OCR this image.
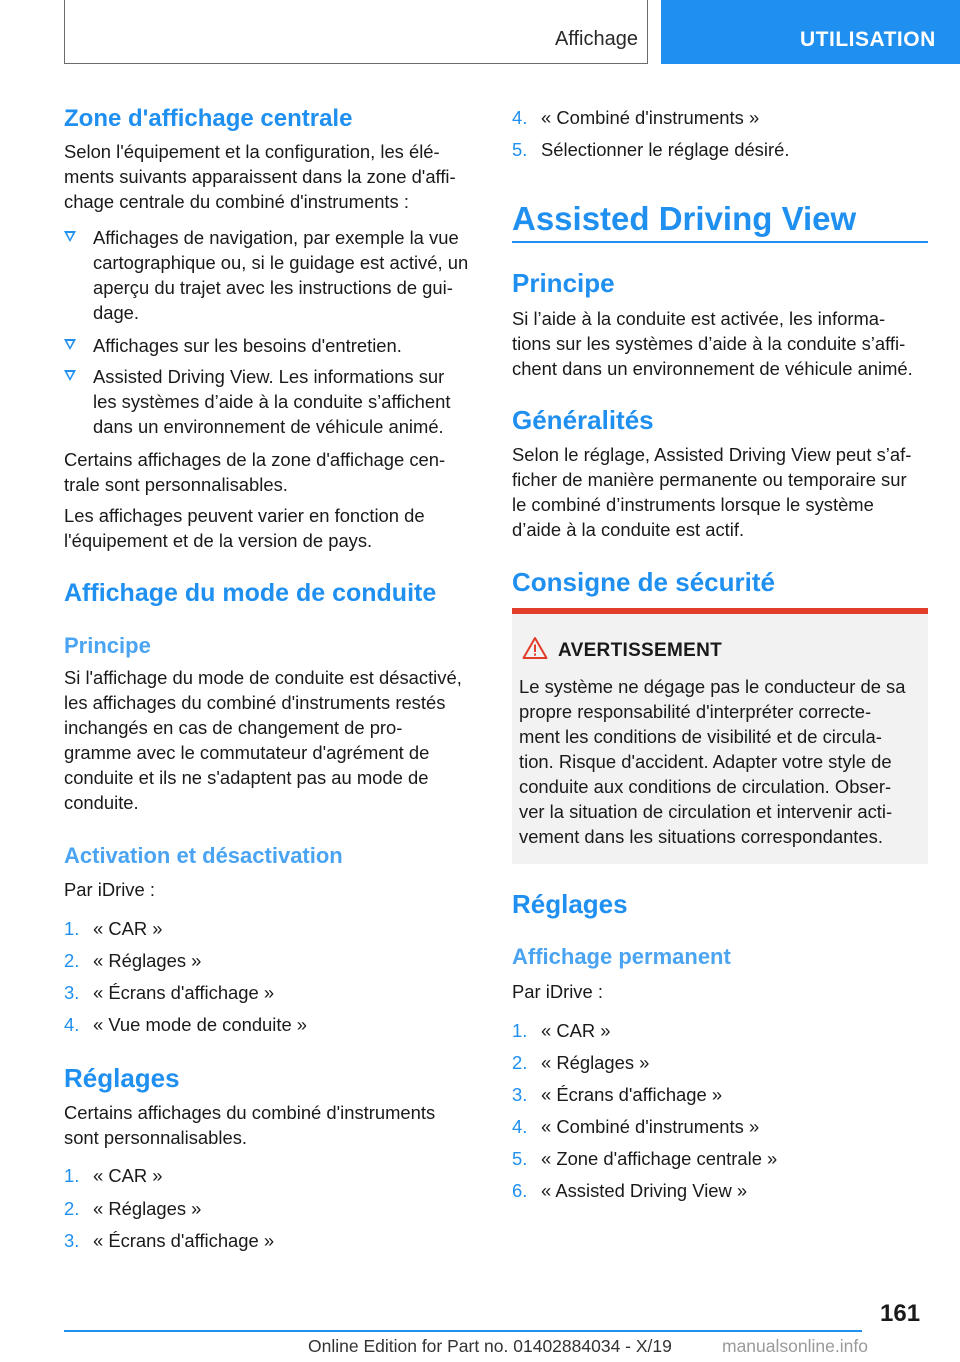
Affichage	UTILISATION
Zone d'affichage centrale

Selon l'équipement et la configuration, les élé-
ments suivants apparaissent dans la zone d'affi-
chage centrale du combiné d'instruments :

Affichages de navigation, par exemple la vue
cartographique ou, si le guidage est activé, un
aperçu du trajet avec les instructions de gui-
dage.
Affichages sur les besoins d'entretien.
Assisted Driving View. Les informations sur
les systèmes d’aide à la conduite s’affichent
dans un environnement de véhicule animé.

Certains affichages de la zone d'affichage cen-
trale sont personnalisables.

Les affichages peuvent varier en fonction de
l'équipement et de la version de pays.

Affichage du mode de conduite
Principe

Si l'affichage du mode de conduite est désactivé,
les affichages du combiné d'instruments restés
inchangés en cas de changement de pro-
gramme avec le commutateur d'agrément de
conduite et ils ne s'adaptent pas au mode de
conduite.

Activation et désactivation

Par iDrive :

1. « CAR »
2. « Réglages »
3. « Écrans d'affichage »
4. « Vue mode de conduite »
Réglages

Certains affichages du combiné d'instruments
sont personnalisables.

1. « CAR »
2. « Réglages »
3. « Écrans d'affichage »
4. « Combiné d'instruments »
5. Sélectionner le réglage désiré.
Assisted Driving View
Principe

Si l’aide à la conduite est activée, les informa-
tions sur les systèmes d’aide à la conduite s’affi-
chent dans un environnement de véhicule animé.

Généralités

Selon le réglage, Assisted Driving View peut s’af-
ficher de manière permanente ou temporaire sur
le combiné d’instruments lorsque le système
d’aide à la conduite est actif.

Consigne de sécurité
Réglages
Affichage permanent

Par iDrive :

1. « CAR »
2. « Réglages »
3. « Écrans d'affichage »
4. « Combiné d'instruments »
5. « Zone d'affichage centrale »
6. « Assisted Driving View »
AVERTISSEMENT
Le système ne dégage pas le conducteur de sa
propre responsabilité d'interpréter correcte-
ment les conditions de visibilité et de circula-
tion. Risque d'accident. Adapter votre style de
conduite aux conditions de circulation. Obser-
ver la situation de circulation et intervenir acti-
vement dans les situations correspondantes.
161
Online Edition for Part no. 01402884034 - X/19	manualsonline.info
